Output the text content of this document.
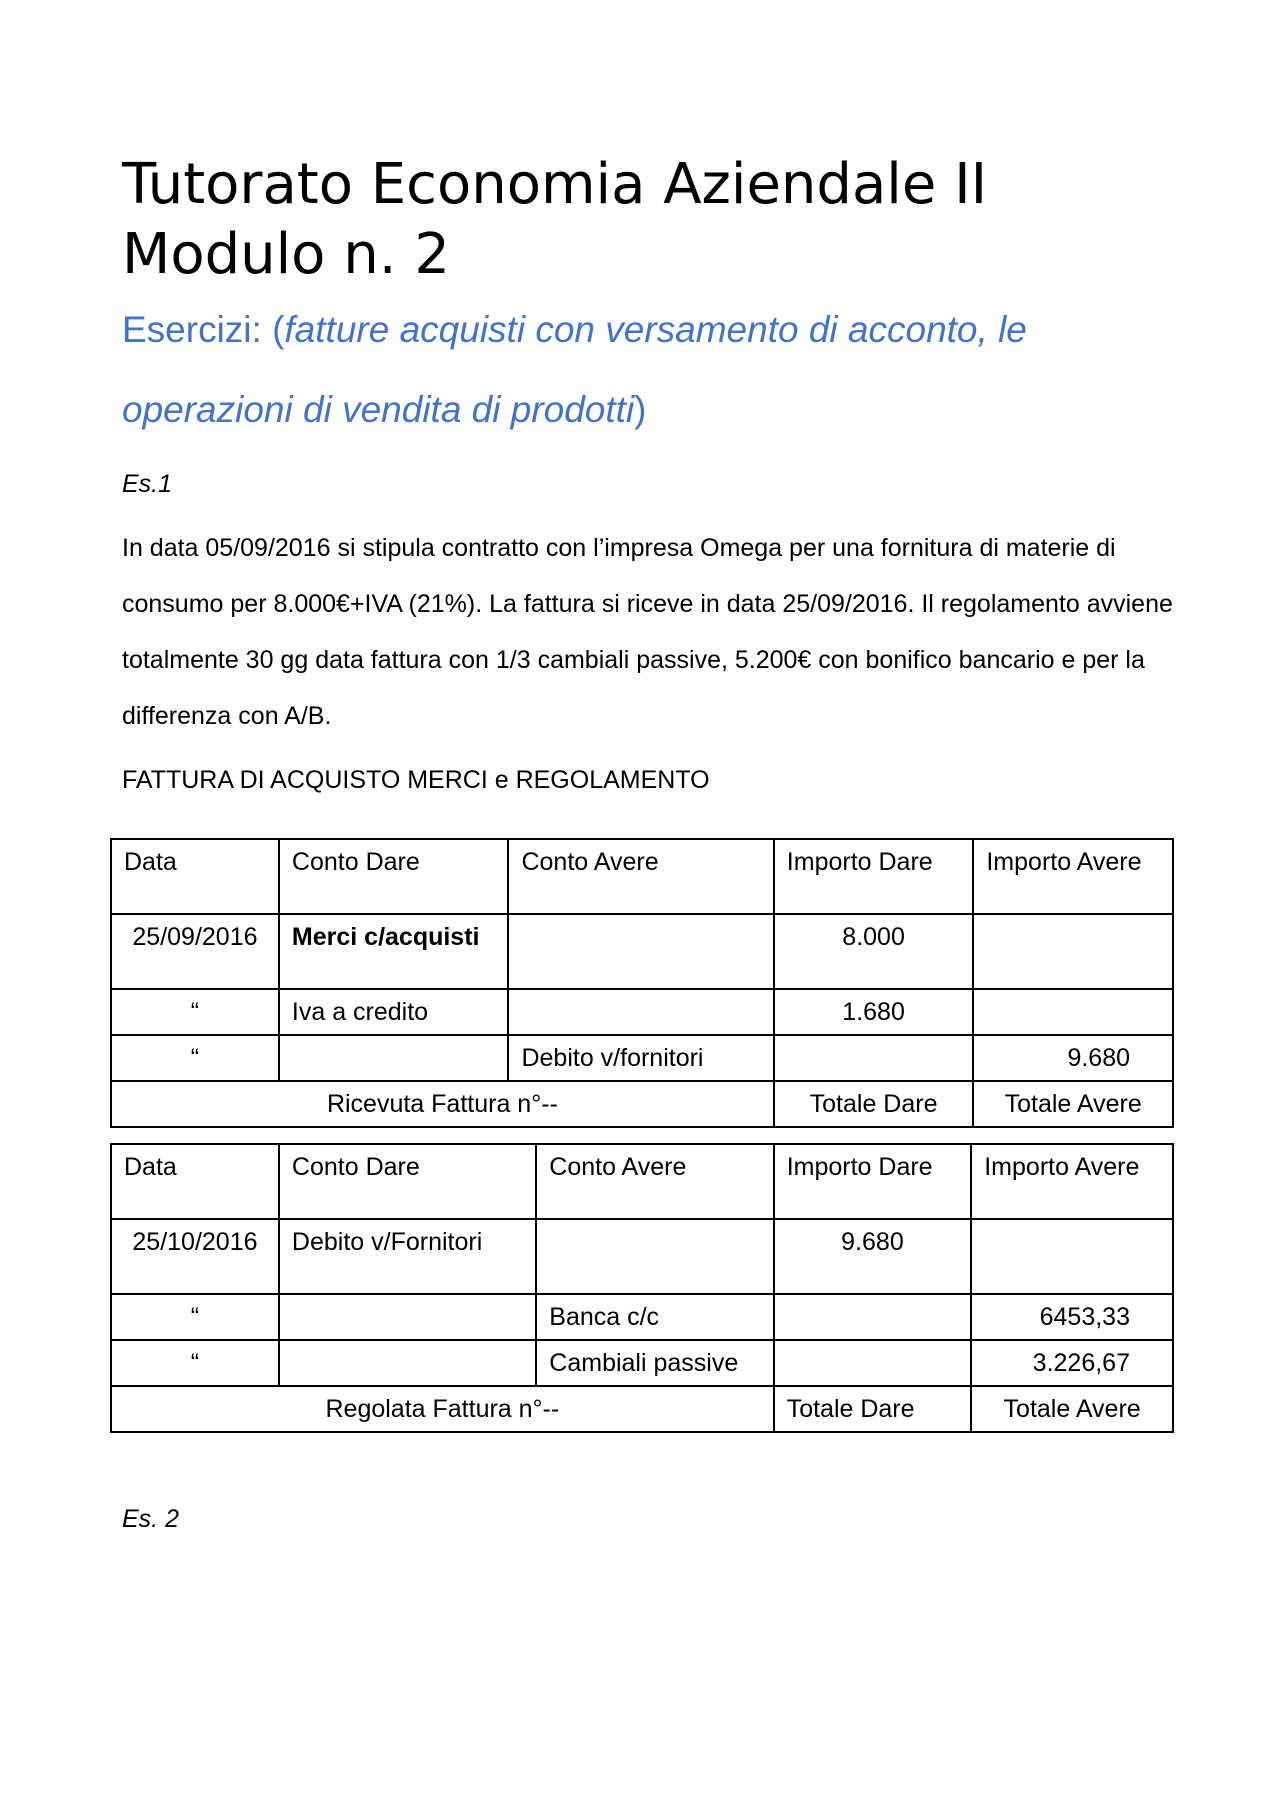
Tutorato Economia Aziendale II Modulo n. 2

Esercizi: (fatture acquisti con versamento di acconto, le operazioni di vendita di prodotti)

Es.1

In data 05/09/2016 si stipula contratto con l’impresa Omega per una fornitura di materie di consumo per 8.000€+IVA (21%). La fattura si riceve in data 25/09/2016. Il regolamento avviene totalmente 30 gg data fattura con 1/3 cambiali passive, 5.200€ con bonifico bancario e per la differenza con A/B.

FATTURA DI ACQUISTO MERCI e REGOLAMENTO
Data	Conto Dare	Conto Avere	Importo Dare	Importo Avere
25/09/2016	Merci c/acquisti		8.000	
“	Iva a credito		1.680	
“		Debito v/fornitori		9.680
Ricevuta Fattura n°--			Totale Dare	Totale Avere
Data	Conto Dare	Conto Avere	Importo Dare	Importo Avere
25/10/2016	Debito v/Fornitori		9.680	
“		Banca c/c		6453,33
“		Cambiali passive		3.226,67
Regolata Fattura n°--			Totale Dare	Totale Avere
Es. 2
